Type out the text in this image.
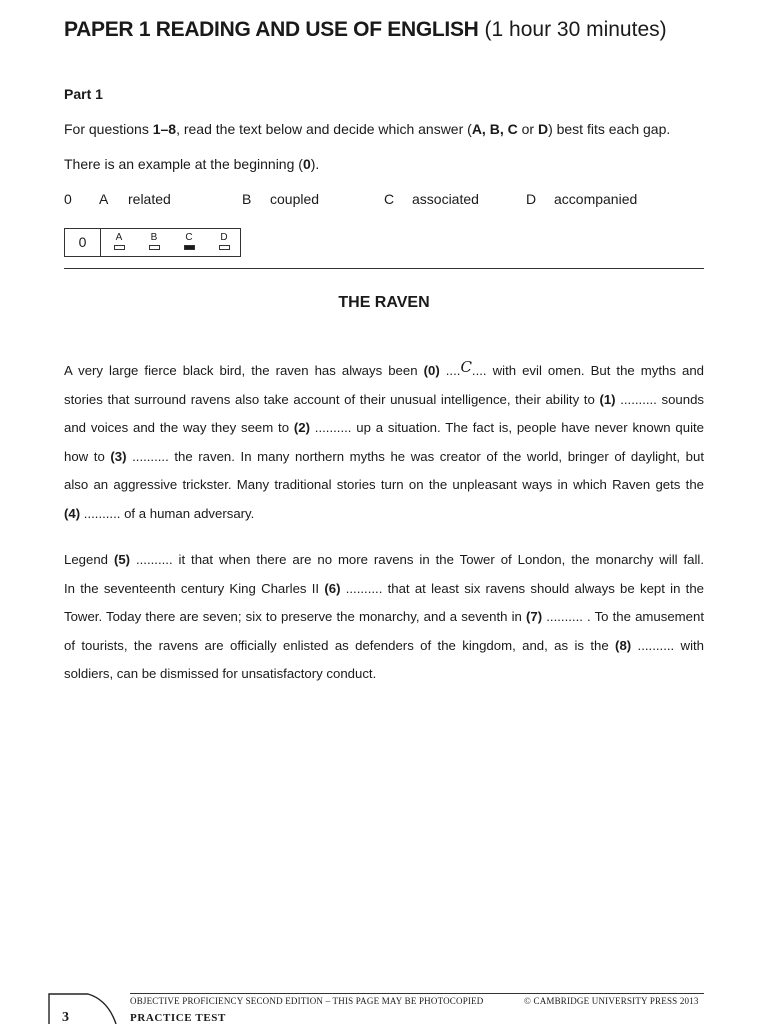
PAPER 1 READING AND USE OF ENGLISH (1 hour 30 minutes)
Part 1
For questions 1–8, read the text below and decide which answer (A, B, C or D) best fits each gap.
There is an example at the beginning (0).
0 A related	B coupled	C associated	D accompanied
0	A	B	C	D
THE RAVEN
A very large fierce black bird, the raven has always been (0) ....C.... with evil omen. But the myths and
stories that surround ravens also take account of their unusual intelligence, their ability to (1) .......... sounds
and voices and the way they seem to (2) .......... up a situation. The fact is, people have never known quite
how to (3) .......... the raven. In many northern myths he was creator of the world, bringer of daylight, but
also an aggressive trickster. Many traditional stories turn on the unpleasant ways in which Raven gets the
(4) .......... of a human adversary.
Legend (5) .......... it that when there are no more ravens in the Tower of London, the monarchy will fall.
In the seventeenth century King Charles II (6) .......... that at least six ravens should always be kept in the
Tower. Today there are seven; six to preserve the monarchy, and a seventh in (7) .......... . To the amusement
of tourists, the ravens are officially enlisted as defenders of the kingdom, and, as is the (8) .......... with
soldiers, can be dismissed for unsatisfactory conduct.
3
OBJECTIVE PROFICIENCY SECOND EDITION – THIS PAGE MAY BE PHOTOCOPIED	© CAMBRIDGE UNIVERSITY PRESS 2013
PRACTICE TEST
